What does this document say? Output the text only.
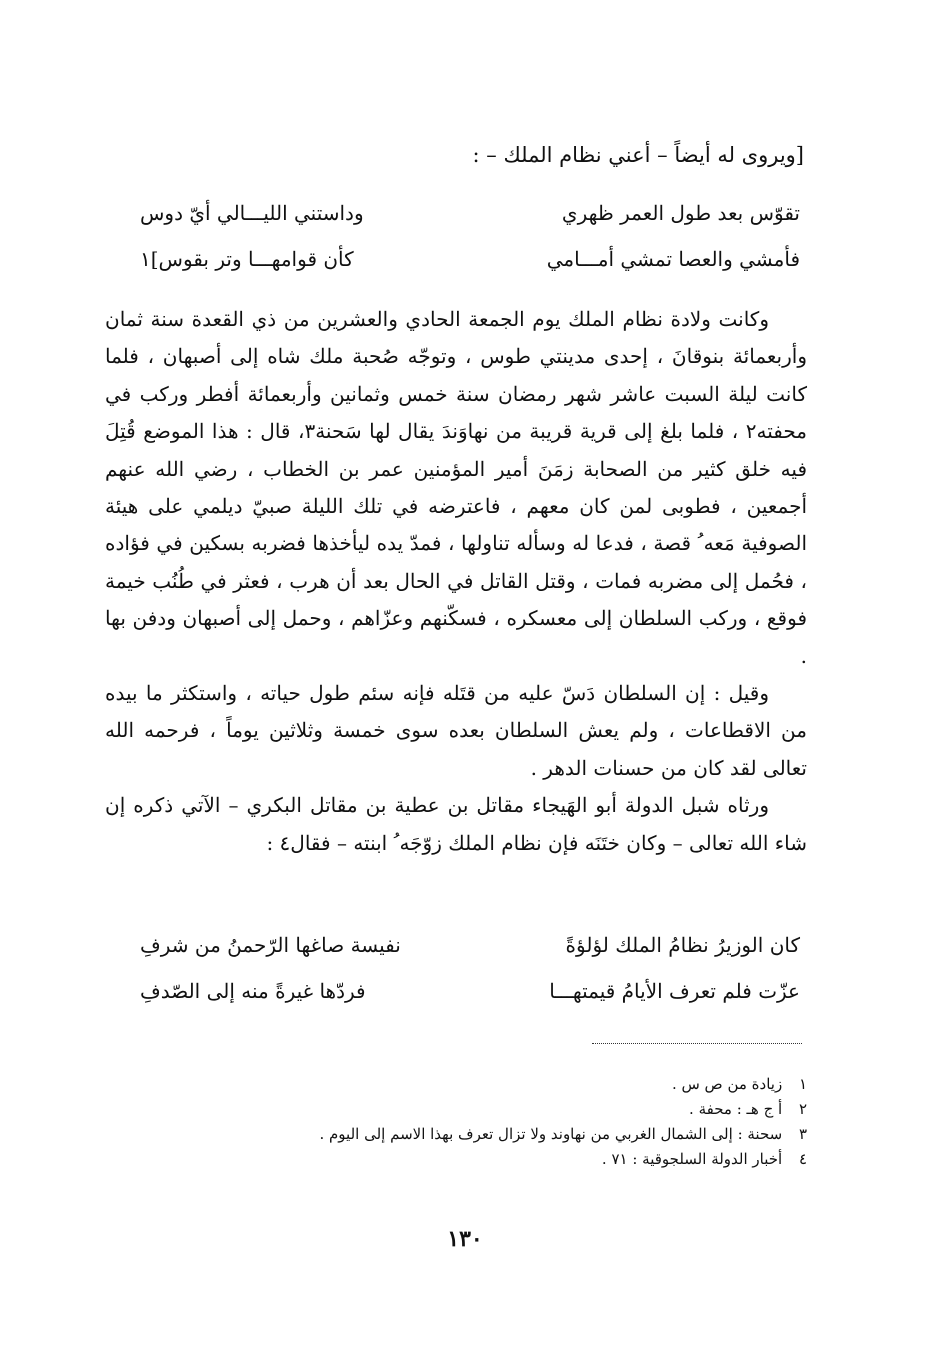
[ويروى له أيضاً – أعني نظام الملك – :
تقوّس بعد طول العمر ظهري
وداستني الليـــالي أيّ دوس
فأمشي والعصا تمشي أمـــامي
كأن قوامهـــا وتر بقوس]١

وكانت ولادة نظام الملك يوم الجمعة الحادي والعشرين من ذي القعدة سنة ثمان وأربعمائة بنوقانَ ، إحدى مدينتي طوس ، وتوجّه صُحبة ملك شاه إلى أصبهان ، فلما كانت ليلة السبت عاشر شهر رمضان سنة خمس وثمانين وأربعمائة أفطر وركب في محفته٢ ، فلما بلغ إلى قرية قريبة من نهاوَندَ يقال لها سَحنة٣، قال : هذا الموضع قُتِلَ فيه خلق كثير من الصحابة زمَنَ أمير المؤمنين عمر بن الخطاب ، رضي الله عنهم أجمعين ، فطوبى لمن كان معهم ، فاعترضه في تلك الليلة صبيّ ديلمي على هيئة الصوفية مَعه ُ قصة ، فدعا له وسأله تناولها ، فمدّ يده ليأخذها فضربه بسكين في فؤاده ، فحُمل إلى مضربه فمات ، وقتل القاتل في الحال بعد أن هرب ، فعثر في طُنُب خيمة فوقع ، وركب السلطان إلى معسكره ، فسكّنهم وعزّاهم ، وحمل إلى أصبهان ودفن بها .

وقيل : إن السلطان دَسّ عليه من قتَله فإنه سئم طول حياته ، واستكثر ما بيده من الاقطاعات ، ولم يعش السلطان بعده سوى خمسة وثلاثين يوماً ، فرحمه الله تعالى لقد كان من حسنات الدهر .

ورثاه شبل الدولة أبو الهَيجاء مقاتل بن عطية بن مقاتل البكري – الآتي ذكره إن شاء الله تعالى – وكان ختَنَه فإن نظام الملك زوّجَه ُ ابنته – فقال٤ :

كان الوزيرُ نظامُ الملك لؤلؤةً
نفيسة صاغها الرّحمنُ من شرفِ
عزّت فلم تعرف الأيامُ قيمتهـــا
فردّها غيرةً منه إلى الصّدفِ
١ زيادة من ص س .
٢ أ ج هـ : محفة .
٣ سحنة : إلى الشمال الغربي من نهاوند ولا تزال تعرف بهذا الاسم إلى اليوم .
٤ أخبار الدولة السلجوقية : ٧١ .
١٣٠
